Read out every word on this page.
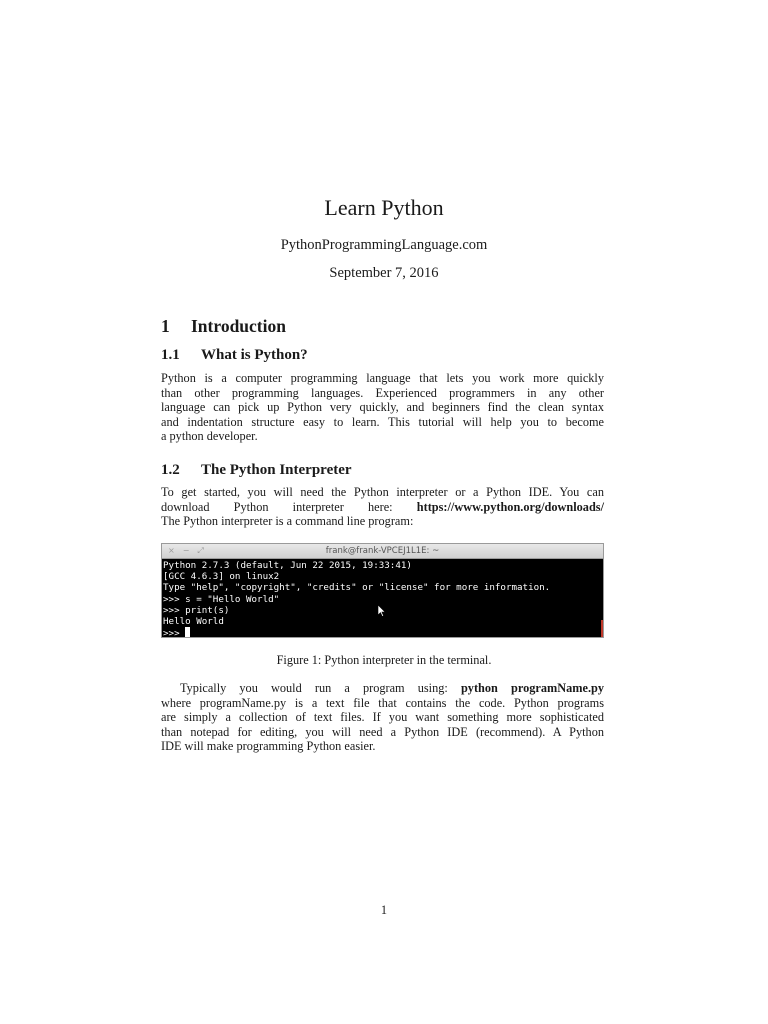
Learn Python
PythonProgrammingLanguage.com
September 7, 2016
1 Introduction
1.1 What is Python?
Python is a computer programming language that lets you work more quickly
than other programming languages. Experienced programmers in any other
language can pick up Python very quickly, and beginners find the clean syntax
and indentation structure easy to learn. This tutorial will help you to become
a python developer.
1.2 The Python Interpreter
To get started, you will need the Python interpreter or a Python IDE. You can
download Python interpreter here: https://www.python.org/downloads/
The Python interpreter is a command line program:
× − ⤢	frank@frank-VPCEJ1L1E: ~
Python 2.7.3 (default, Jun 22 2015, 19:33:41)
[GCC 4.6.3] on linux2
Type "help", "copyright", "credits" or "license" for more information.
>>> s = "Hello World"
>>> print(s)
Hello World
>>>
Figure 1: Python interpreter in the terminal.
Typically you would run a program using: python programName.py
where programName.py is a text file that contains the code. Python programs
are simply a collection of text files. If you want something more sophisticated
than notepad for editing, you will need a Python IDE (recommend). A Python
IDE will make programming Python easier.
1
